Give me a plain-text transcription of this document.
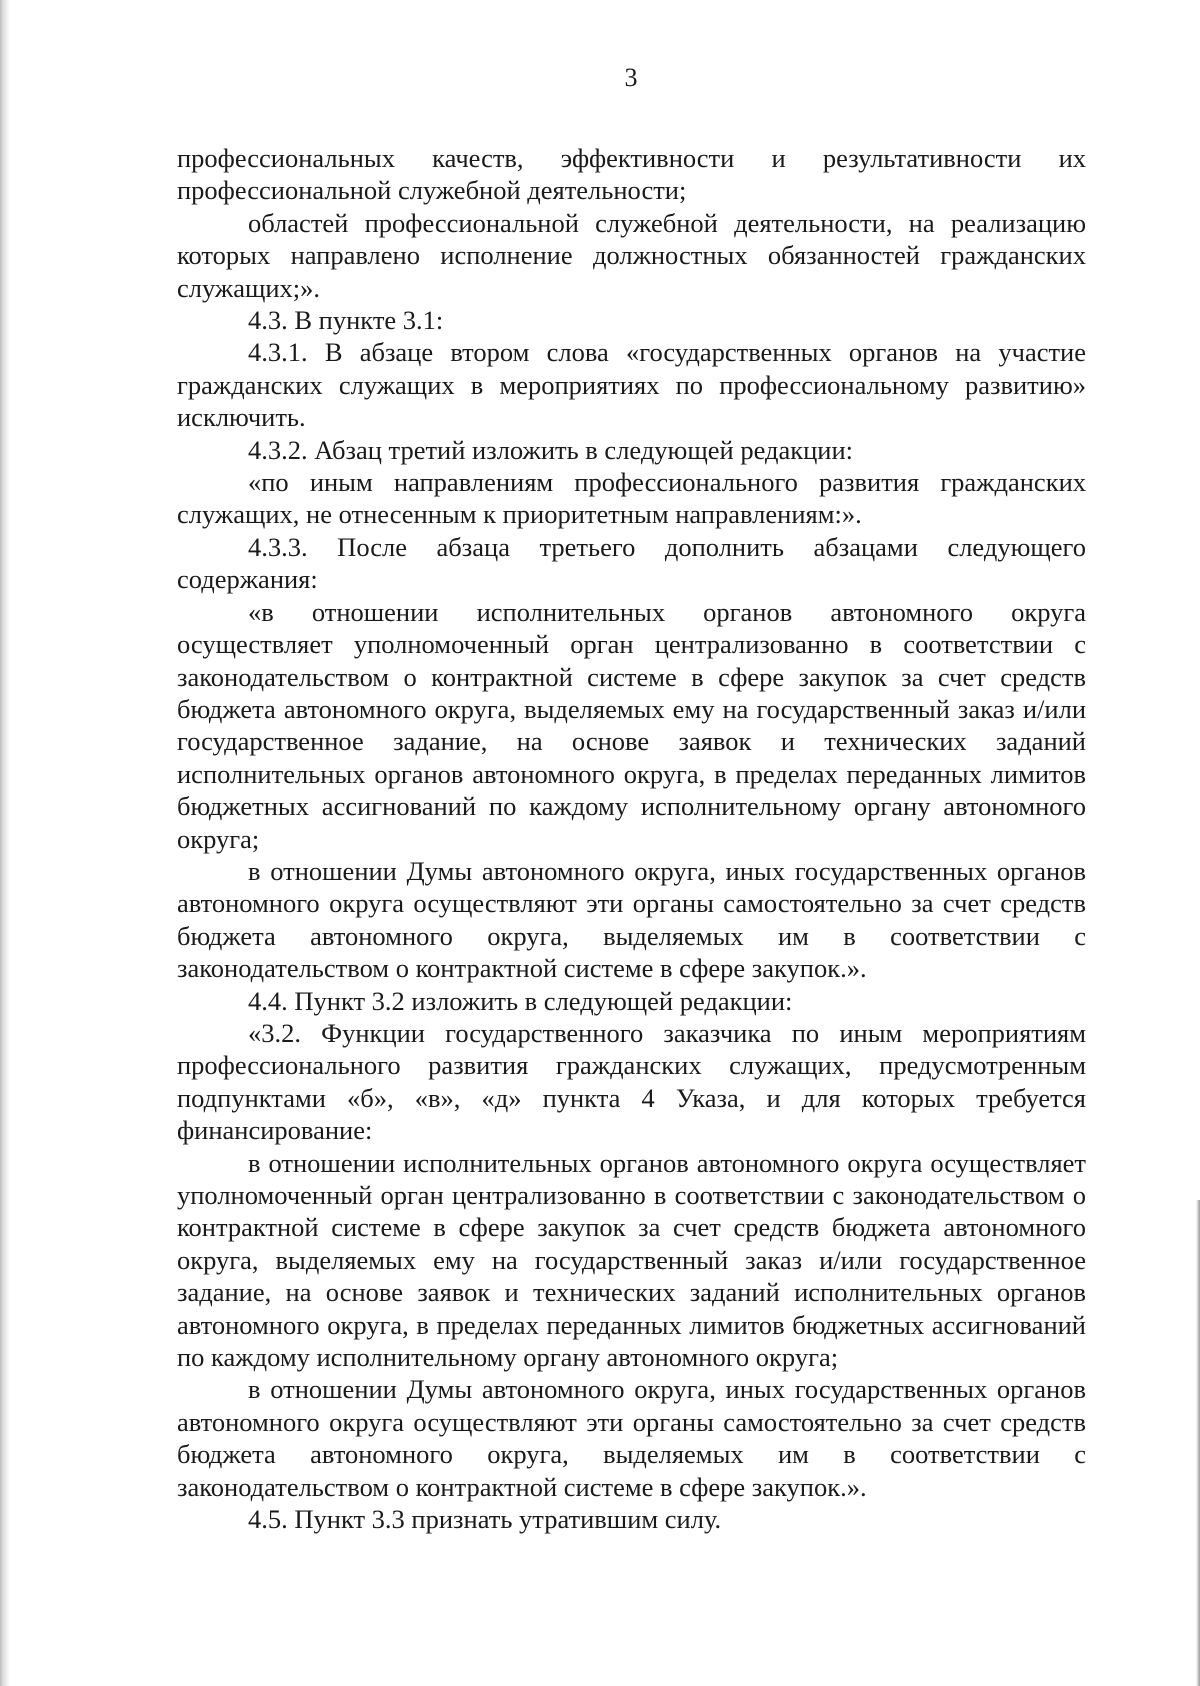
3

профессиональных качеств, эффективности и результативности их профессиональной служебной деятельности;

областей профессиональной служебной деятельности, на реализацию которых направлено исполнение должностных обязанностей гражданских служащих;».

4.3. В пункте 3.1:

4.3.1. В абзаце втором слова «государственных органов на участие гражданских служащих в мероприятиях по профессиональному развитию» исключить.

4.3.2. Абзац третий изложить в следующей редакции:

«по иным направлениям профессионального развития гражданских служащих, не отнесенным к приоритетным направлениям:».

4.3.3. После абзаца третьего дополнить абзацами следующего содержания:

«в отношении исполнительных органов автономного округа осуществляет уполномоченный орган централизованно в соответствии с законодательством о контрактной системе в сфере закупок за счет средств бюджета автономного округа, выделяемых ему на государственный заказ и/или государственное задание, на основе заявок и технических заданий исполнительных органов автономного округа, в пределах переданных лимитов бюджетных ассигнований по каждому исполнительному органу автономного округа;

в отношении Думы автономного округа, иных государственных органов автономного округа осуществляют эти органы самостоятельно за счет средств бюджета автономного округа, выделяемых им в соответствии с законодательством о контрактной системе в сфере закупок.».

4.4. Пункт 3.2 изложить в следующей редакции:

«3.2. Функции государственного заказчика по иным мероприятиям профессионального развития гражданских служащих, предусмотренным подпунктами «б», «в», «д» пункта 4 Указа, и для которых требуется финансирование:

в отношении исполнительных органов автономного округа осуществляет уполномоченный орган централизованно в соответствии с законодательством о контрактной системе в сфере закупок за счет средств бюджета автономного округа, выделяемых ему на государственный заказ и/или государственное задание, на основе заявок и технических заданий исполнительных органов автономного округа, в пределах переданных лимитов бюджетных ассигнований по каждому исполнительному органу автономного округа;

в отношении Думы автономного округа, иных государственных органов автономного округа осуществляют эти органы самостоятельно за счет средств бюджета автономного округа, выделяемых им в соответствии с законодательством о контрактной системе в сфере закупок.».

4.5. Пункт 3.3 признать утратившим силу.
